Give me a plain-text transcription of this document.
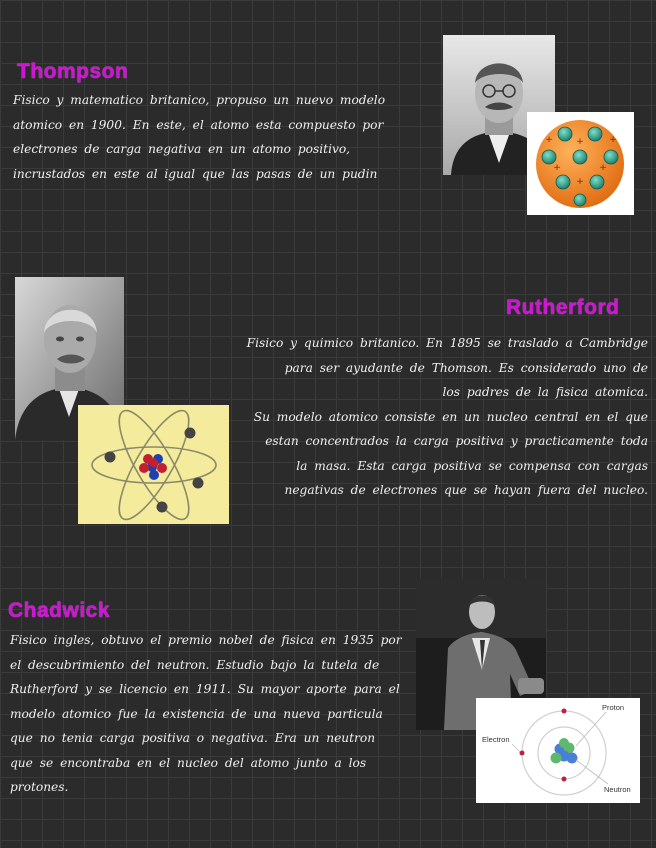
Thompson
Fisico y matematico britanico, propuso un nuevo modelo atomico en 1900. En este, el atomo esta compuesto por electrones de carga negativa en un atomo positivo, incrustados en este al igual que las pasas de un pudin
+
+	+
+
+	+
Rutherford
Fisico y quimico britanico. En 1895 se traslado a Cambridge
para ser ayudante de Thomson. Es considerado uno de
los padres de la fisica atomica.
Su modelo atomico consiste en un nucleo central en el que
estan concentrados la carga positiva y practicamente toda
la masa. Esta carga positiva se compensa con cargas
negativas de electrones que se hayan fuera del nucleo.
Chadwick
Fisico ingles, obtuvo el premio nobel de fisica en 1935 por el descubrimiento del neutron. Estudio bajo la tutela de Rutherford y se licencio en 1911. Su mayor aporte para el modelo atomico fue la existencia de una nueva particula que no tenia carga positiva o negativa. Era un neutron que se encontraba en el nucleo del atomo junto a los protones.
Proton
Electron
Neutron
